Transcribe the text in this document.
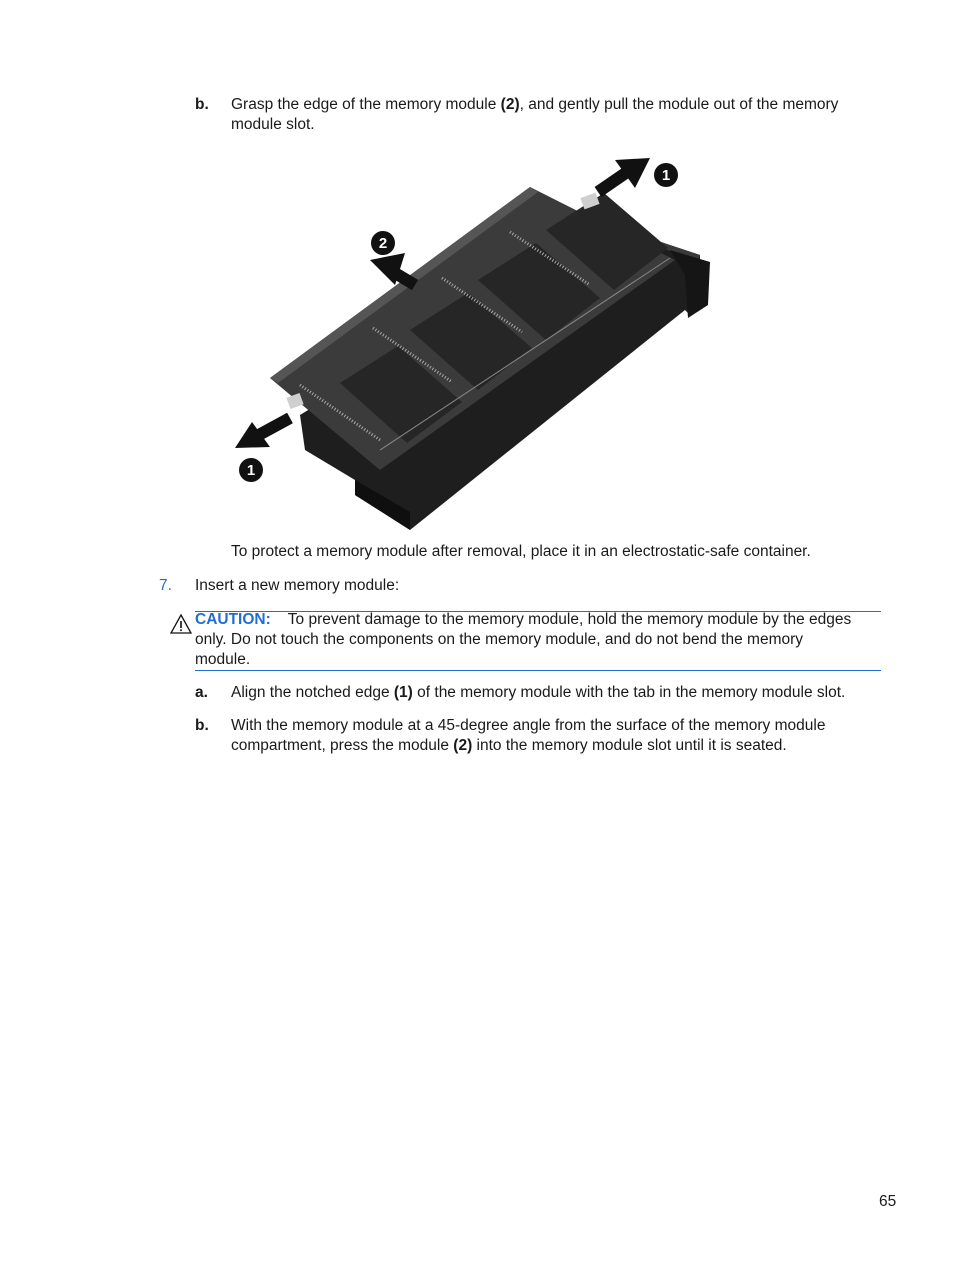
b. Grasp the edge of the memory module (2), and gently pull the module out of the memory
module slot.
1
2
1
To protect a memory module after removal, place it in an electrostatic-safe container.
7. Insert a new memory module:
CAUTION: To prevent damage to the memory module, hold the memory module by the edges
only. Do not touch the components on the memory module, and do not bend the memory
module.
a. Align the notched edge (1) of the memory module with the tab in the memory module slot.
b. With the memory module at a 45-degree angle from the surface of the memory module
compartment, press the module (2) into the memory module slot until it is seated.
65
